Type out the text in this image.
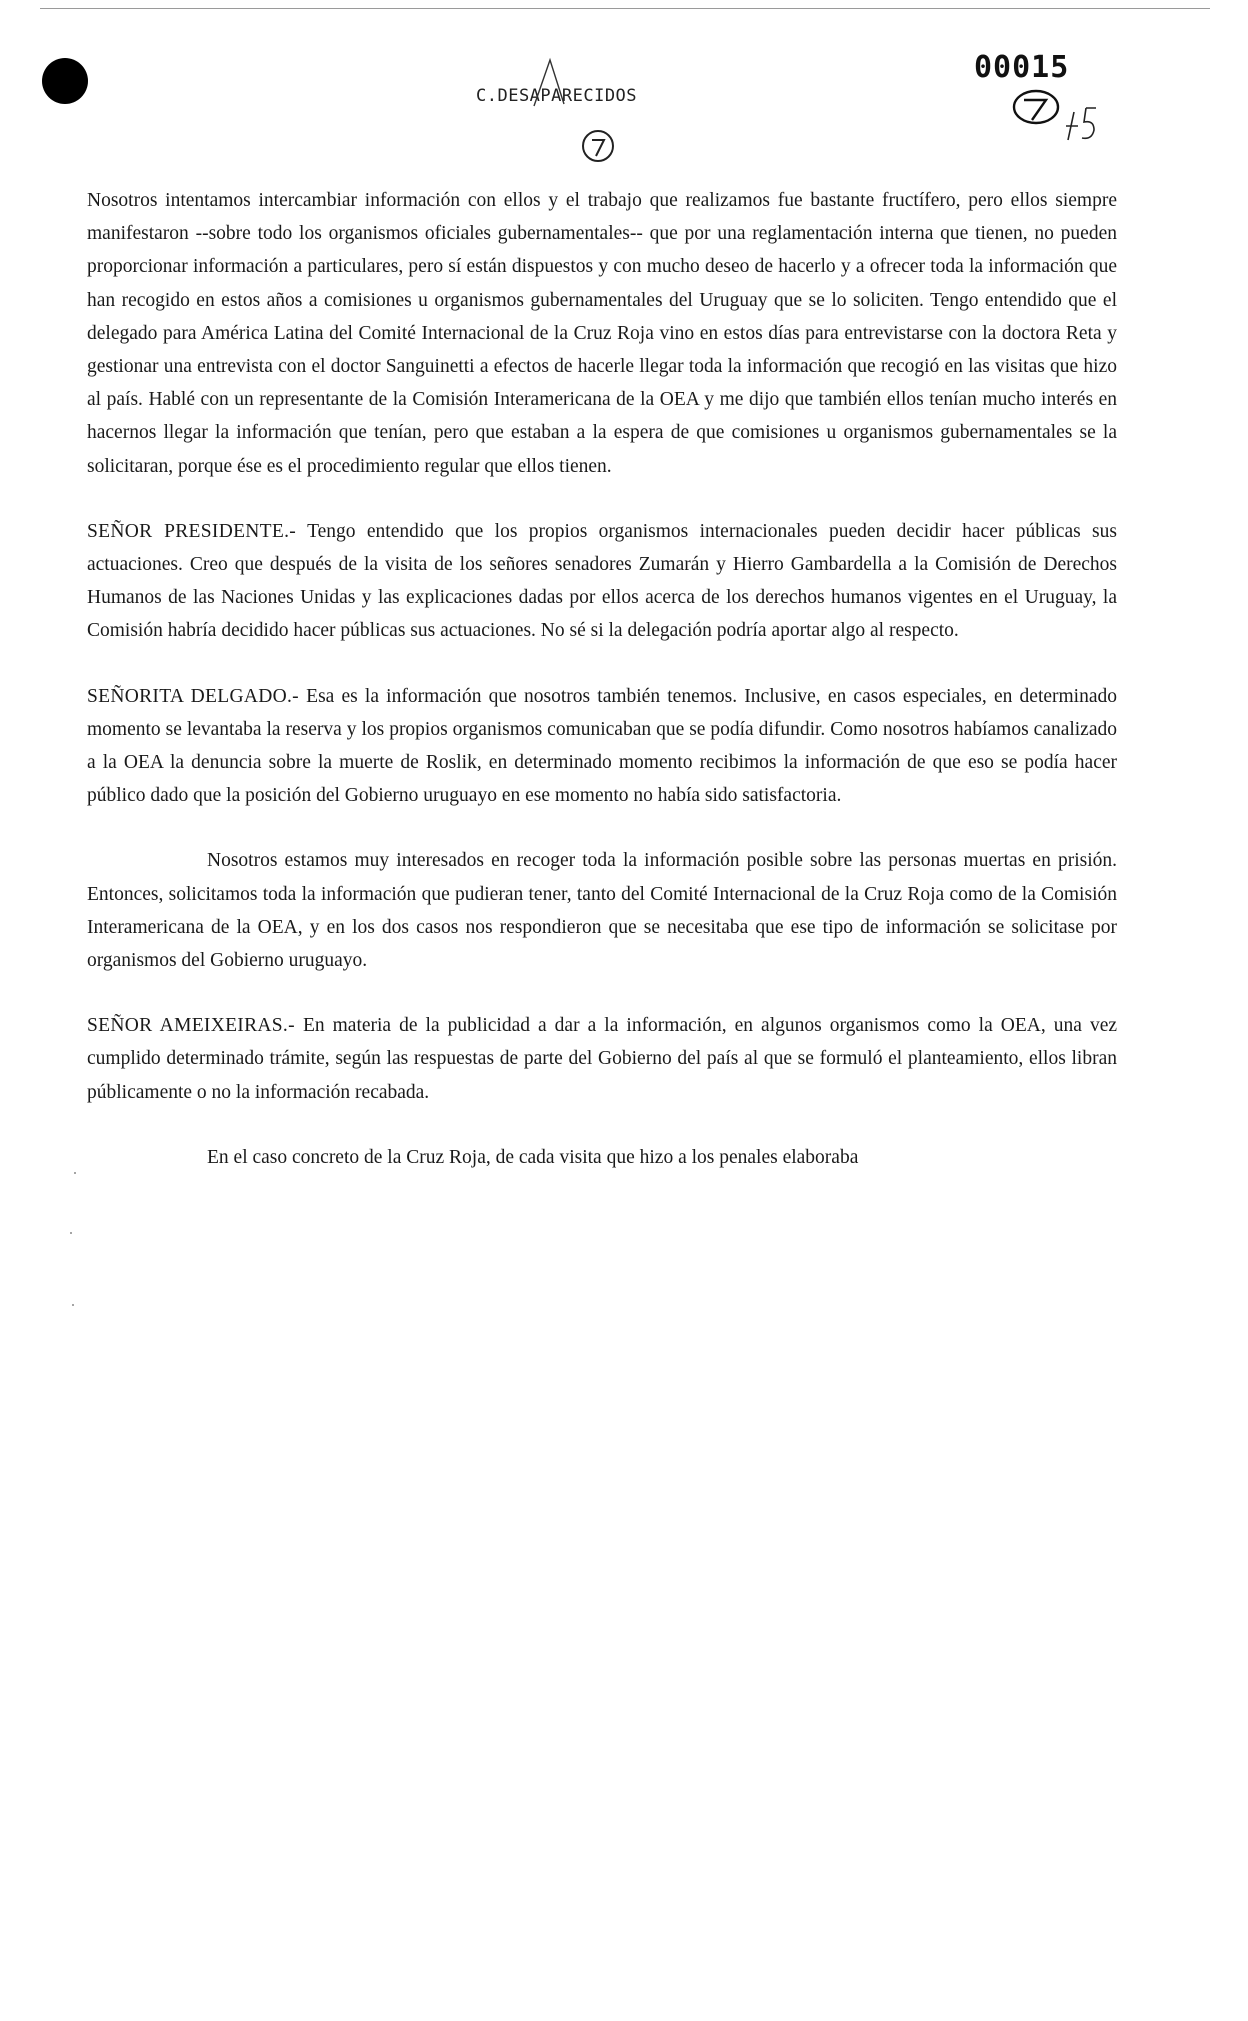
C.DESAPARECIDOS
00015

Nosotros intentamos intercambiar información con ellos y el trabajo que realizamos fue bastante fructífero, pero ellos siempre manifestaron --sobre todo los organismos oficiales gubernamentales-- que por una reglamentación interna que tienen, no pueden proporcionar información a particulares, pero sí están dispuestos y con mucho deseo de hacerlo y a ofrecer toda la información que han recogido en estos años a comisiones u organismos gubernamentales del Uruguay que se lo soliciten. Tengo entendido que el delegado para América Latina del Comité Internacional de la Cruz Roja vino en estos días para entrevistarse con la doctora Reta y gestionar una entrevista con el doctor Sanguinetti a efectos de hacerle llegar toda la información que recogió en las visitas que hizo al país. Hablé con un representante de la Comisión Interamericana de la OEA y me dijo que también ellos tenían mucho interés en hacernos llegar la información que tenían, pero que estaban a la espera de que comisiones u organismos gubernamentales se la solicitaran, porque ése es el procedimiento regular que ellos tienen.

SEÑOR PRESIDENTE.- Tengo entendido que los propios organismos internacionales pueden decidir hacer públicas sus actuaciones. Creo que después de la visita de los señores senadores Zumarán y Hierro Gambardella a la Comisión de Derechos Humanos de las Naciones Unidas y las explicaciones dadas por ellos acerca de los derechos humanos vigentes en el Uruguay, la Comisión habría decidido hacer públicas sus actuaciones. No sé si la delegación podría aportar algo al respecto.

SEÑORITA DELGADO.- Esa es la información que nosotros también tenemos. Inclusive, en casos especiales, en determinado momento se levantaba la reserva y los propios organismos comunicaban que se podía difundir. Como nosotros habíamos canalizado a la OEA la denuncia sobre la muerte de Roslik, en determinado momento recibimos la información de que eso se podía hacer público dado que la posición del Gobierno uruguayo en ese momento no había sido satisfactoria.

Nosotros estamos muy interesados en recoger toda la información posible sobre las personas muertas en prisión. Entonces, solicitamos toda la información que pudieran tener, tanto del Comité Internacional de la Cruz Roja como de la Comisión Interamericana de la OEA, y en los dos casos nos respondieron que se necesitaba que ese tipo de información se solicitase por organismos del Gobierno uruguayo.

SEÑOR AMEIXEIRAS.- En materia de la publicidad a dar a la información, en algunos organismos como la OEA, una vez cumplido determinado trámite, según las respuestas de parte del Gobierno del país al que se formuló el planteamiento, ellos libran públicamente o no la información recabada.

En el caso concreto de la Cruz Roja, de cada visita que hizo a los penales elaboraba
